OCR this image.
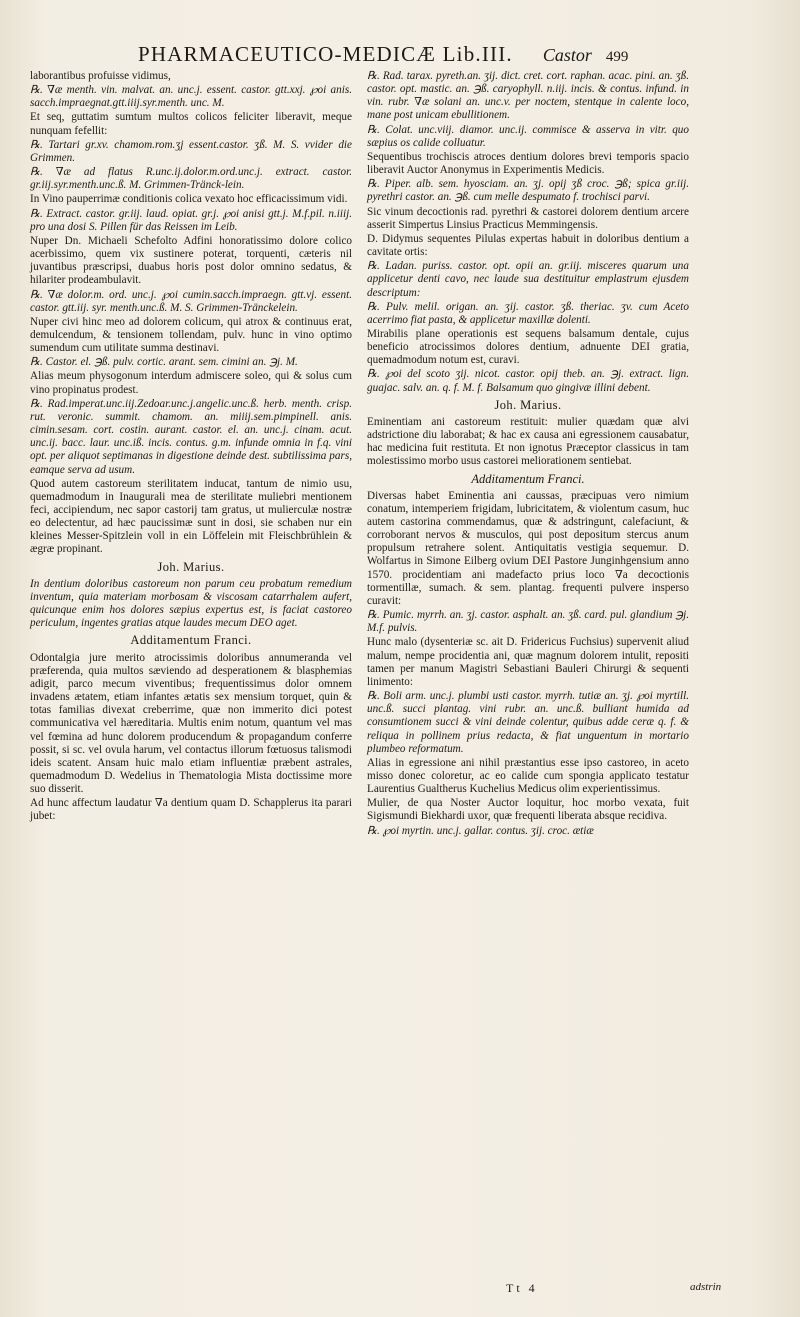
PHARMACEUTICO-MEDICÆ Lib.III. Castor 499

laborantibus profuisse vidimus,

℞. ∇æ menth. vin. malvat. an. unc.j. essent. castor. gtt.xxj. ℘oi anis. sacch.impraegnat.gtt.iiij.syr.menth. unc. M.

Et seq, guttatim sumtum multos colicos feliciter liberavit, meque nunquam fefellit:

℞. Tartari gr.xv. chamom.rom.ʒj essent.castor. ʒß. M. S. vvider die Grimmen.

℞. ∇æ ad flatus R.unc.ij.dolor.m.ord.unc.j. extract. castor. gr.iij.syr.menth.unc.ß. M. Grimmen-Tränck-lein.

In Vino pauperrimæ conditionis colica vexato hoc efficacissimum vidi.

℞. Extract. castor. gr.iij. laud. opiat. gr.j. ℘oi anisi gtt.j. M.f.pil. n.iiij. pro una dosi S. Pillen für das Reissen im Leib.

Nuper Dn. Michaeli Schefolto Adfini honoratissimo dolore colico acerbissimo, quem vix sustinere poterat, torquenti, cæteris nil juvantibus præscripsi, duabus horis post dolor omnino sedatus, & hilariter prodeambulavit.

℞. ∇æ dolor.m. ord. unc.j. ℘oi cumin.sacch.impraegn. gtt.vj. essent. castor. gtt.iij. syr. menth.unc.ß. M. S. Grimmen-Tränckelein.

Nuper civi hinc meo ad dolorem colicum, qui atrox & continuus erat, demulcendum, & tensionem tollendam, pulv. hunc in vino optimo sumendum cum utilitate summa destinavi.

℞. Castor. el. ℈ß. pulv. cortic. arant. sem. cimini an. ℈j. M.

Alias meum physogonum interdum admiscere soleo, qui & solus cum vino propinatus prodest.

℞. Rad.imperat.unc.iij.Zedoar.unc.j.angelic.unc.ß. herb. menth. crisp. rut. veronic. summit. chamom. an. miiij.sem.pimpinell. anis. cimin.sesam. cort. costin. aurant. castor. el. an. unc.j. cinam. acut. unc.ij. bacc. laur. unc.iß. incis. contus. g.m. infunde omnia in f.q. vini opt. per aliquot septimanas in digestione deinde dest. subtilissima pars, eamque serva ad usum.

Quod autem castoreum sterilitatem inducat, tantum de nimio usu, quemadmodum in Inaugurali mea de sterilitate muliebri mentionem feci, accipiendum, nec sapor castorij tam gratus, ut mulierculæ nostræ eo delectentur, ad hæc paucissimæ sunt in dosi, sie schaben nur ein kleines Messer-Spitzlein voll in ein Löffelein mit Fleischbrühlein & ægræ propinant.

Joh. Marius.

In dentium doloribus castoreum non parum ceu probatum remedium inventum, quia materiam morbosam & viscosam catarrhalem aufert, quicunque enim hos dolores sæpius expertus est, is faciat castoreo periculum, ingentes gratias atque laudes mecum DEO aget.

Additamentum Franci.

Odontalgia jure merito atrocissimis doloribus annumeranda vel præferenda, quia multos sæviendo ad desperationem & blasphemias adigit, parco mecum viventibus; frequentissimus dolor omnem invadens ætatem, etiam infantes ætatis sex mensium torquet, quin & totas familias divexat creberrime, quæ non immerito dici potest communicativa vel hæreditaria. Multis enim notum, quantum vel mas vel fœmina ad hunc dolorem producendum & propagandum conferre possit, si sc. vel ovula harum, vel contactus illorum fœtuosus talismodi ideis scatent. Ansam huic malo etiam influentiæ præbent astrales, quemadmodum D. Wedelius in Thematologia Mista doctissime more suo disserit.

Ad hunc affectum laudatur ∇a dentium quam D. Schapplerus ita parari jubet:

℞. Rad. tarax. pyreth.an. ʒij. dict. cret. cort. raphan. acac. pini. an. ʒß. castor. opt. mastic. an. ℈ß. caryophyll. n.iij. incis. & contus. infund. in vin. rubr. ∇æ solani an. unc.v. per noctem, stentque in calente loco, mane post unicam ebullitionem.

℞. Colat. unc.viij. diamor. unc.ij. commisce & asserva in vitr. quo sæpius os calide colluatur.

Sequentibus trochiscis atroces dentium dolores brevi temporis spacio liberavit Auctor Anonymus in Experimentis Medicis.

℞. Piper. alb. sem. hyosciam. an. ʒj. opij ʒß croc. ℈ß; spica gr.iij. pyrethri castor. an. ℈ß. cum melle despumato f. trochisci parvi.

Sic vinum decoctionis rad. pyrethri & castorei dolorem dentium arcere asserit Simpertus Linsius Practicus Memmingensis.

D. Didymus sequentes Pilulas expertas habuit in doloribus dentium a cavitate ortis:

℞. Ladan. puriss. castor. opt. opii an. gr.iij. misceres quarum una applicetur denti cavo, nec laude sua destituitur emplastrum ejusdem descriptum:

℞. Pulv. melil. origan. an. ʒij. castor. ʒß. theriac. ʒv. cum Aceto acerrimo fiat pasta, & applicetur maxillæ dolenti.

Mirabilis plane operationis est sequens balsamum dentale, cujus beneficio atrocissimos dolores dentium, adnuente DEI gratia, quemadmodum notum est, curavi.

℞. ℘oi del scoto ʒij. nicot. castor. opij theb. an. ℈j. extract. lign. guajac. salv. an. q. f. M. f. Balsamum quo gingivæ illini debent.

Joh. Marius.

Eminentiam ani castoreum restituit: mulier quædam quæ alvi adstrictione diu laborabat; & hac ex causa ani egressionem causabatur, hac medicina fuit restituta. Et non ignotus Præceptor classicus in tam molestissimo morbo usus castorei meliorationem sentiebat.

Additamentum Franci.

Diversas habet Eminentia ani caussas, præcipuas vero nimium conatum, intemperiem frigidam, lubricitatem, & violentum casum, huc autem castorina commendamus, quæ & adstringunt, calefaciunt, & corroborant nervos & musculos, qui post depositum stercus anum propulsum retrahere solent. Antiquitatis vestigia sequemur. D. Wolfartus in Simone Eilberg ovium DEI Pastore Junginhgensium anno 1570. procidentiam ani madefacto prius loco ∇a decoctionis tormentillæ, sumach. & sem. plantag. frequenti pulvere inspersο curavit:

℞. Pumic. myrrh. an. ʒj. castor. asphalt. an. ʒß. card. pul. glandium ℈j. M.f. pulvis.

Hunc malo (dysenteriæ sc. ait D. Fridericus Fuchsius) supervenit aliud malum, nempe procidentia ani, quæ magnum dolorem intulit, repositi tamen per manum Magistri Sebastiani Bauleri Chirurgi & sequenti linimento:

℞. Boli arm. unc.j. plumbi usti castor. myrrh. tutiæ an. ʒj. ℘oi myrtill. unc.ß. succi plantag. vini rubr. an. unc.ß. bulliant humida ad consumtionem succi & vini deinde colentur, quibus adde ceræ q. f. & reliqua in pollinem prius redacta, & fiat unguentum in mortario plumbeo reformatum.

Alias in egressione ani nihil præstantius esse ipso castoreo, in aceto misso donec coloretur, ac eo calide cum spongia applicato testatur Laurentius Gualtherus Kuchelius Medicus olim experientissimus.

Mulier, de qua Noster Auctor loquitur, hoc morbo vexata, fuit Sigismundi Biekhardi uxor, quæ frequenti liberata absque recidiva.

℞. ℘oi myrtin. unc.j. gallar. contus. ʒij. croc. ætiæ

Tt 4	adstrin
